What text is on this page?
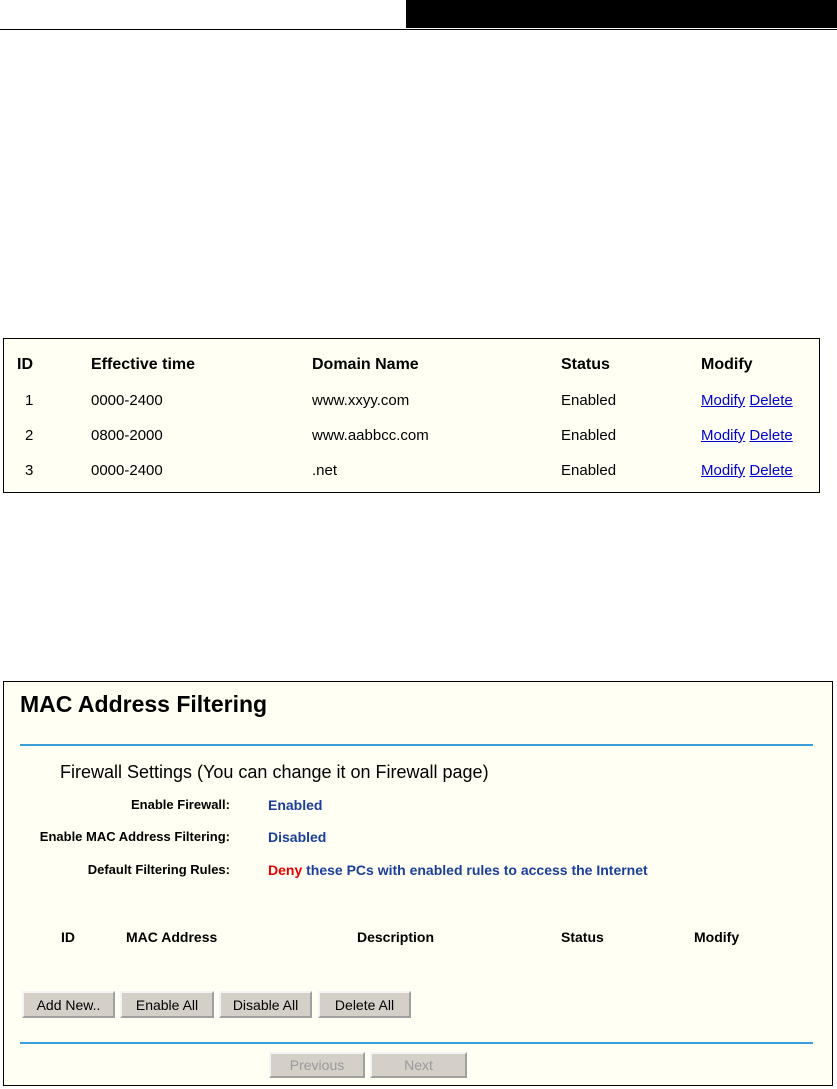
ID	Effective time	Domain Name	Status	Modify
1	0000-2400	www.xxyy.com	Enabled	Modify Delete
2	0800-2000	www.aabbcc.com	Enabled	Modify Delete
3	0000-2400	.net	Enabled	Modify Delete
MAC Address Filtering
Firewall Settings (You can change it on Firewall page)
Enable Firewall:	Enabled
Enable MAC Address Filtering:	Disabled
Default Filtering Rules:	Deny these PCs with enabled rules to access the Internet
ID	MAC Address	Description	Status	Modify
Add New..	Enable All	Disable All	Delete All
Previous	Next
